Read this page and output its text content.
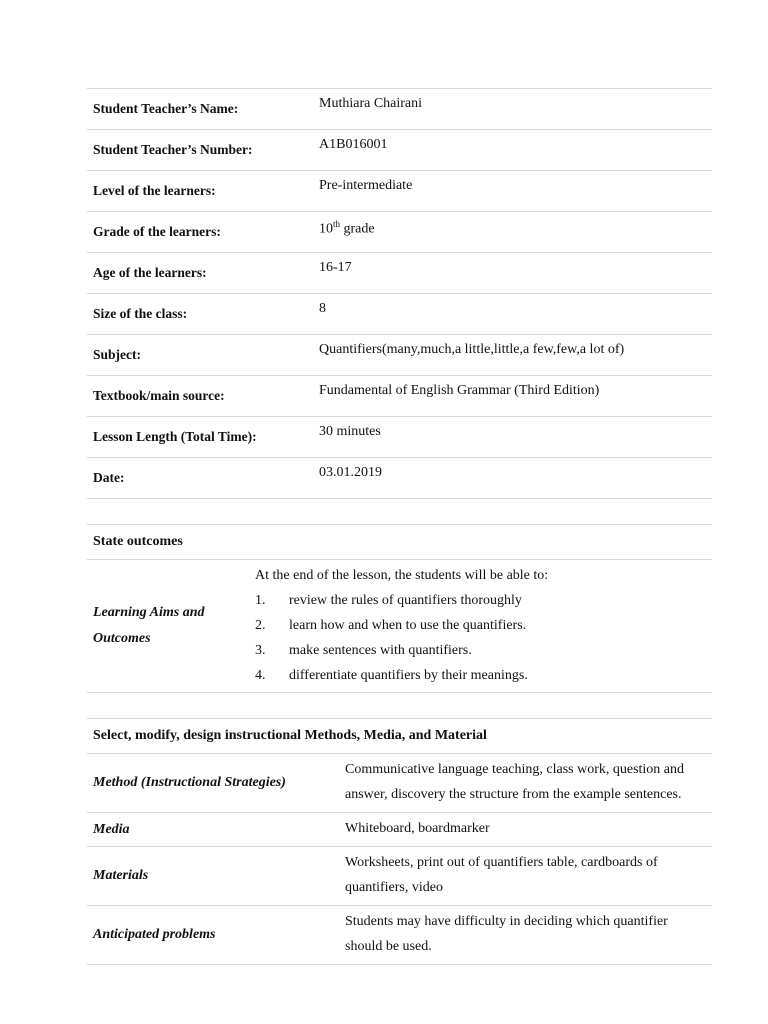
Student Teacher’s Name:	Muthiara Chairani
Student Teacher’s Number:	A1B016001
Level of the learners:	Pre-intermediate
Grade of the learners:	10th grade
Age of the learners:	16-17
Size of the class:	8
Subject:	Quantifiers(many,much,a little,little,a few,few,a lot of)
Textbook/main source:	Fundamental of English Grammar (Third Edition)
Lesson Length (Total Time):	30 minutes
Date:	03.01.2019
State outcomes
Learning Aims and Outcomes	
At the end of the lesson, the students will be able to:
1.	review the rules of quantifiers thoroughly
2.	learn how and when to use the quantifiers.
3.	make sentences with quantifiers.
4.	differentiate quantifiers by their meanings.
Select, modify, design instructional Methods, Media, and Material	
Method (Instructional Strategies)	Communicative language teaching, class work, question and answer, discovery the structure from the example sentences.
Media	Whiteboard, boardmarker
Materials	Worksheets, print out of quantifiers table, cardboards of quantifiers, video
Anticipated problems	Students may have difficulty in deciding which quantifier should be used.
